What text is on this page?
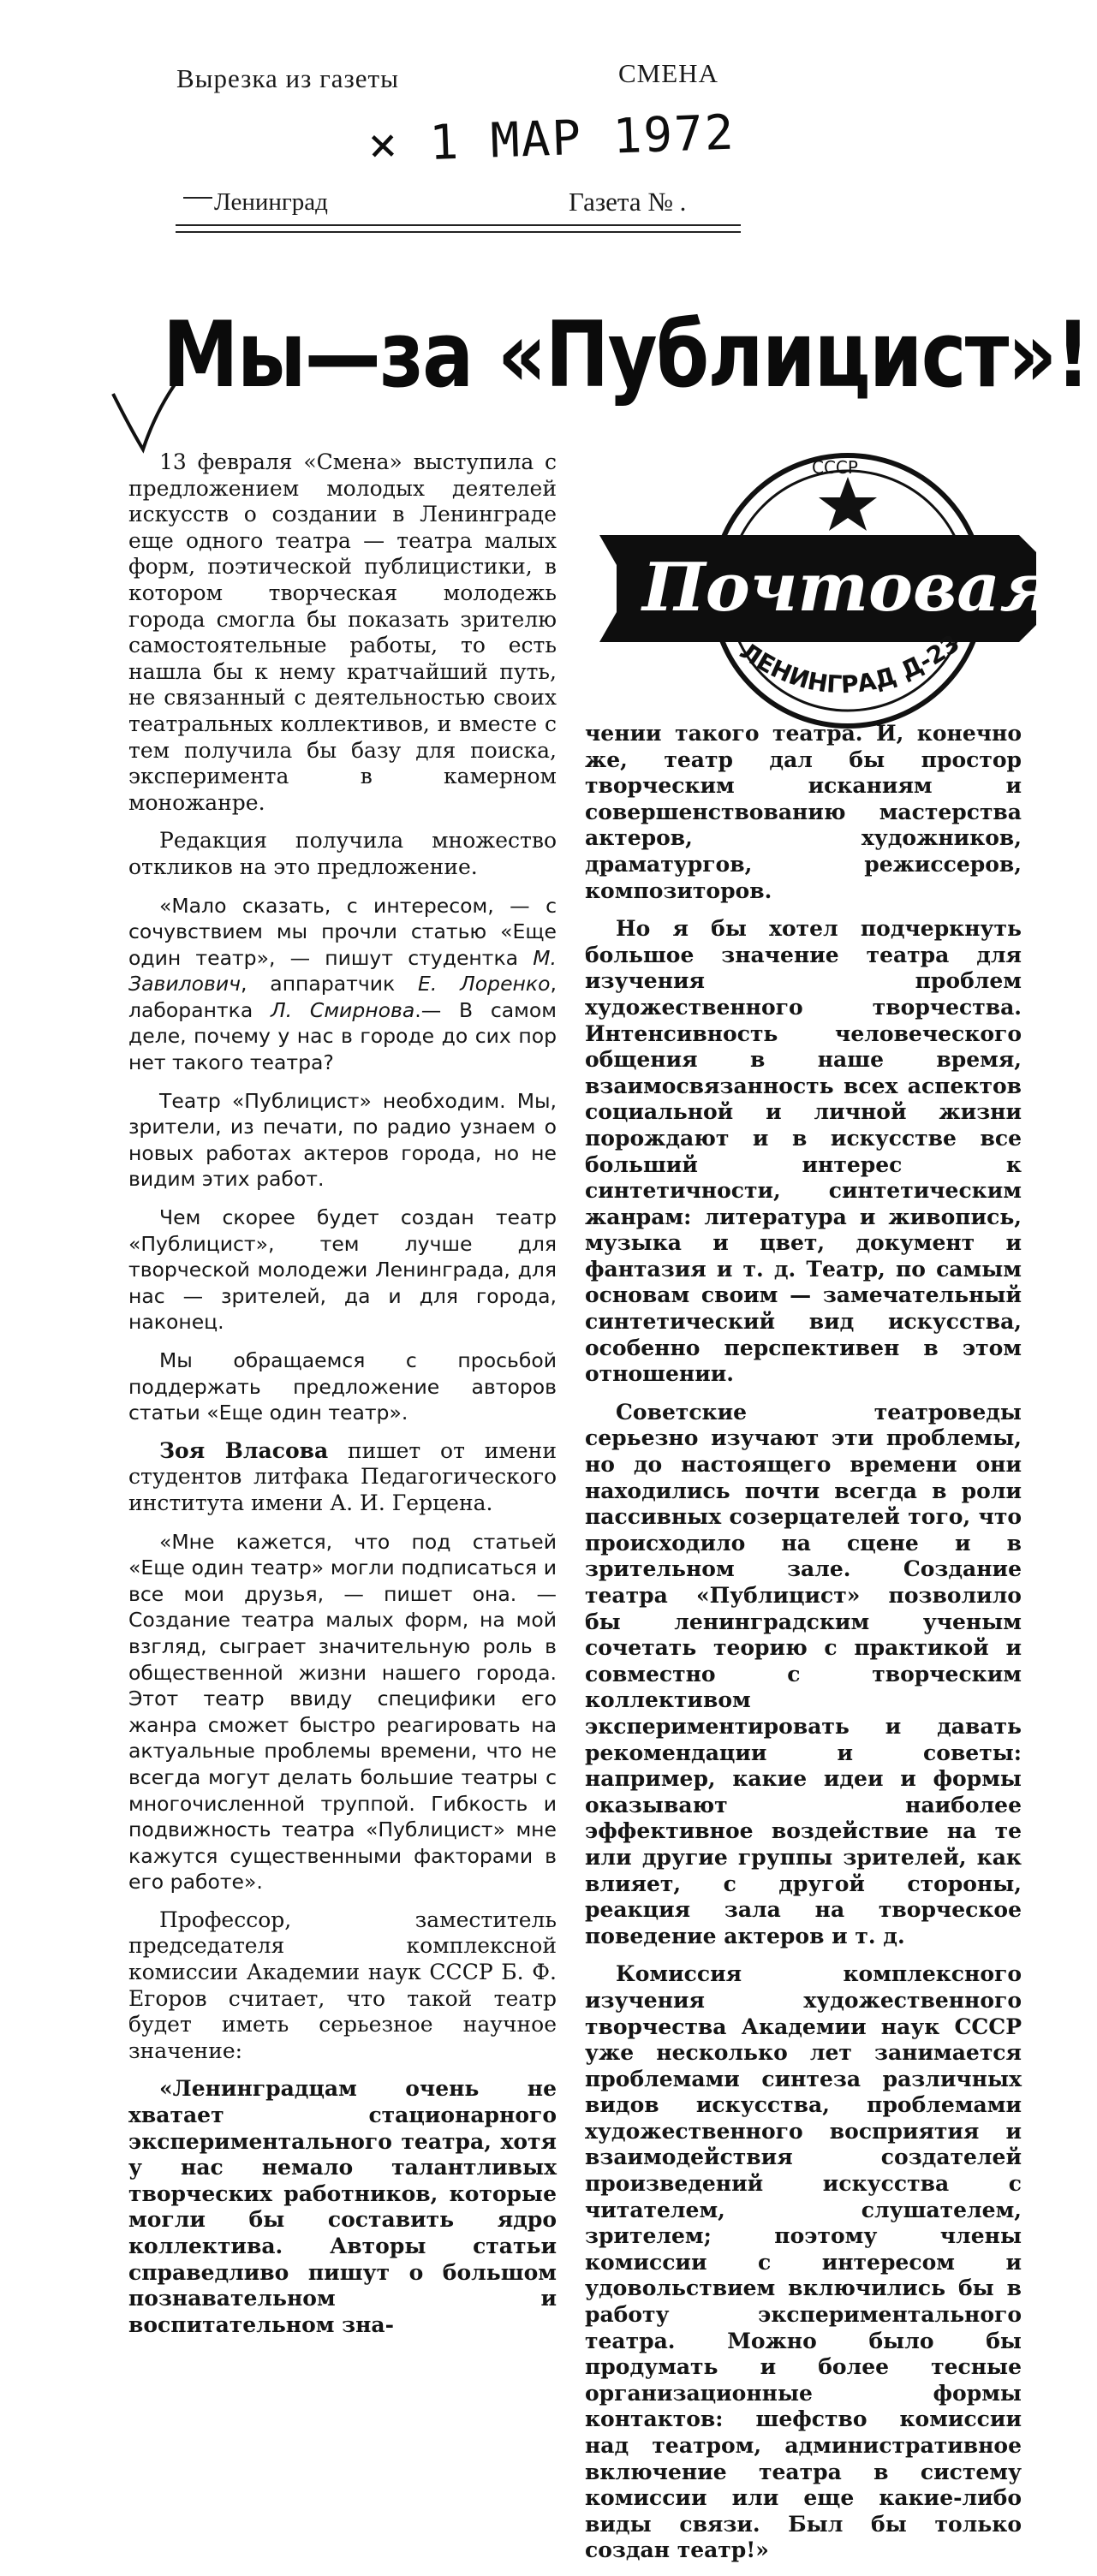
Вырезка из газеты	СМЕНА
× 1 МАР 1972
Ленинград	Газета № .
Мы—за «Публицист»!
СССР
Почтовая
ЛЕНИНГРАД Д-23

13 февраля «Смена» выступила с предложением молодых деятелей искусств о создании в Ленинграде еще одного театра — театра малых форм, поэтической публицистики, в котором творческая молодежь города смогла бы показать зрителю самостоятельные работы, то есть нашла бы к нему кратчайший путь, не связанный с деятельностью своих театральных коллективов, и вместе с тем получила бы базу для поиска, эксперимента в камерном моножанре.

Редакция получила множество откликов на это предложение.

«Мало сказать, с интересом, — с сочувствием мы прочли статью «Еще один театр», — пишут студентка М. Завилович, аппаратчик Е. Лоренко, лаборантка Л. Смирнова.— В самом деле, почему у нас в городе до сих пор нет такого театра?

Театр «Публицист» необходим. Мы, зрители, из печати, по радио узнаем о новых работах актеров города, но не видим этих работ.

Чем скорее будет создан театр «Публицист», тем лучше для творческой молодежи Ленинграда, для нас — зрителей, да и для города, наконец.

Мы обращаемся с просьбой поддержать предложение авторов статьи «Еще один театр».

Зоя Власова пишет от имени студентов литфака Педагогического института имени А. И. Герцена.

«Мне кажется, что под статьей «Еще один театр» могли подписаться и все мои друзья, — пишет она. — Создание театра малых форм, на мой взгляд, сыграет значительную роль в общественной жизни нашего города. Этот театр ввиду специфики его жанра сможет быстро реагировать на актуальные проблемы времени, что не всегда могут делать большие театры с многочисленной труппой. Гибкость и подвижность театра «Публицист» мне кажутся существенными факторами в его работе».

Профессор, заместитель председателя комплексной комиссии Академии наук СССР Б. Ф. Егоров считает, что такой театр будет иметь серьезное научное значение:

«Ленинградцам очень не хватает стационарного экспериментального театра, хотя у нас немало талантливых творческих работников, которые могли бы составить ядро коллектива. Авторы статьи справедливо пишут о большом познавательном и воспитательном зна-

чении такого театра. И, конечно же, театр дал бы простор творческим исканиям и совершенствованию мастерства актеров, художников, драматургов, режиссеров, композиторов.

Но я бы хотел подчеркнуть большое значение театра для изучения проблем художественного творчества. Интенсивность человеческого общения в наше время, взаимосвязанность всех аспектов социальной и личной жизни порождают и в искусстве все больший интерес к синтетичности, синтетическим жанрам: литература и живопись, музыка и цвет, документ и фантазия и т. д. Театр, по самым основам своим — замечательный синтетический вид искусства, особенно перспективен в этом отношении.

Советские театроведы серьезно изучают эти проблемы, но до настоящего времени они находились почти всегда в роли пассивных созерцателей того, что происходило на сцене и в зрительном зале. Создание театра «Публицист» позволило бы ленинградским ученым сочетать теорию с практикой и совместно с творческим коллективом экспериментировать и давать рекомендации и советы: например, какие идеи и формы оказывают наиболее эффективное воздействие на те или другие группы зрителей, как влияет, с другой стороны, реакция зала на творческое поведение актеров и т. д.

Комиссия комплексного изучения художественного творчества Академии наук СССР уже несколько лет занимается проблемами синтеза различных видов искусства, проблемами художественного восприятия и взаимодействия создателей произведений искусства с читателем, слушателем, зрителем; поэтому члены комиссии с интересом и удовольствием включились бы в работу экспериментального театра. Можно было бы продумать и более тесные организационные формы контактов: шефство комиссии над театром, административное включение театра в систему комиссии или еще какие-либо виды связи. Был бы только создан театр!»
